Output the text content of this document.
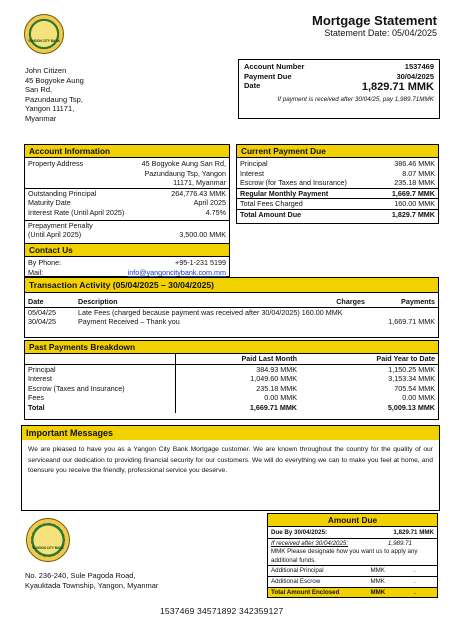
YANGON CITY BANK
Mortgage Statement
Statement Date: 05/04/2025
John Citizen
45 Bogyoke Aung
San Rd,
Pazundaung Tsp,
Yangon 11171,
Myanmar
Account Number	1537469
Payment Due	30/04/2025
Date	1,829.71 MMK
If payment is received after 30/04/25, pay 1,989.71MMK
Account Information
Property Address	45 Bogyoke Aung San Rd,
Pazundaung Tsp, Yangon
11171, Myanmar
Outstanding Principal	264,776.43 MMK
Maturity Date	April 2025
Interest Rate (Until April 2025)	4.75%
Prepayment Penalty
(Until April 2025)	3,500.00 MMK
Contact Us
By Phone:	+95-1-231 5199
Mail:	info@yangoncitybank.com.mm
Current Payment Due
Principal	386.46 MMK
Interest	8.07 MMK
Escrow (for Taxes and Insurance)	235.18 MMK
Regular Monthly Payment	1,669.7 MMK
Total Fees Charged	160.00 MMK
Total Amount Due	1,829.7 MMK
Transaction Activity (05/04/2025 – 30/04/2025)
Date	Description	Charges	Payments

05/04/25	Late Fees (charged because payment was received after 30/04/2025) 160.00 MMK		
30/04/25	Payment Received – Thank you		1,669.71 MMK
Past Payments Breakdown
	Paid Last Month	Paid Year to Date

Principal	384.93 MMK	1,150.25 MMK
Interest	1,049.60 MMK	3,153.34 MMK
Escrow (Taxes and Insurance)	235.18 MMK	705.54 MMK
Fees	0.00 MMK	0.00 MMK
Total	1,669.71 MMK	5,009.13 MMK
Important Messages
We are pleased to have you as a Yangon City Bank Mortgage customer. We are known throughout the country for the quality of our serviceand our dedication to providing financial security for our customers. We will do everything we can to make you feel at home, and toensure you receive the friendly, professional service you deserve.
YANGON CITY BANK
No. 236-240, Sule Pagoda Road,
Kyauktada Township, Yangon, Myanmar
1537469 34571892 342359127
Amount Due
Due By 30/04/2025:	1,829.71 MMK
If received after 30/04/2025:	1,989.71
MMK Please designate how you want us to apply any additional funds.
Additional Principal	MMK	.
Additional Escrow	MMK	.
Total Amount Enclosed	MMK	.
